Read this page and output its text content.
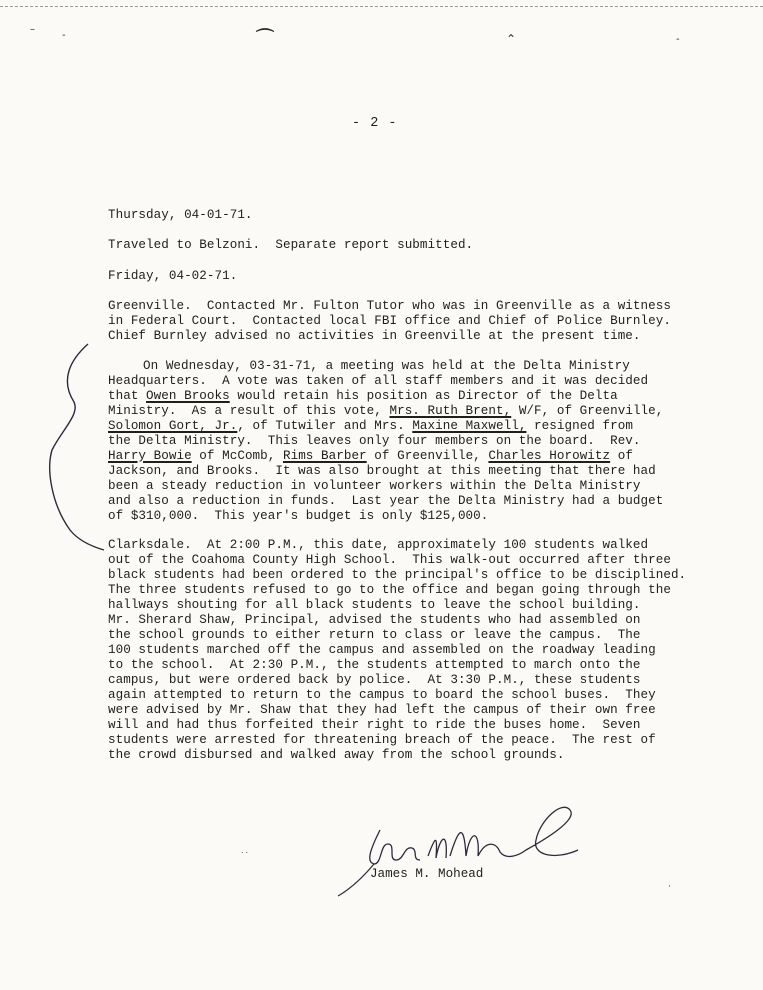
–
-	⌒	⌃	-
- 2 -
Thursday, 04-01-71.
Traveled to Belzoni.  Separate report submitted.
Friday, 04-02-71.
Greenville.  Contacted Mr. Fulton Tutor who was in Greenville as a witness
in Federal Court.  Contacted local FBI office and Chief of Police Burnley.
Chief Burnley advised no activities in Greenville at the present time.
On Wednesday, 03-31-71, a meeting was held at the Delta Ministry
Headquarters.  A vote was taken of all staff members and it was decided
that Owen Brooks would retain his position as Director of the Delta
Ministry.  As a result of this vote, Mrs. Ruth Brent, W/F, of Greenville,
Solomon Gort, Jr., of Tutwiler and Mrs. Maxine Maxwell, resigned from
the Delta Ministry.  This leaves only four members on the board.  Rev.
Harry Bowie of McComb, Rims Barber of Greenville, Charles Horowitz of
Jackson, and Brooks.  It was also brought at this meeting that there had
been a steady reduction in volunteer workers within the Delta Ministry
and also a reduction in funds.  Last year the Delta Ministry had a budget
of $310,000.  This year's budget is only $125,000.
Clarksdale.  At 2:00 P.M., this date, approximately 100 students walked
out of the Coahoma County High School.  This walk-out occurred after three
black students had been ordered to the principal's office to be disciplined.
The three students refused to go to the office and began going through the
hallways shouting for all black students to leave the school building.
Mr. Sherard Shaw, Principal, advised the students who had assembled on
the school grounds to either return to class or leave the campus.  The
100 students marched off the campus and assembled on the roadway leading
to the school.  At 2:30 P.M., the students attempted to march onto the
campus, but were ordered back by police.  At 3:30 P.M., these students
again attempted to return to the campus to board the school buses.  They
were advised by Mr. Shaw that they had left the campus of their own free
will and had thus forfeited their right to ride the buses home.  Seven
students were arrested for threatening breach of the peace.  The rest of
the crowd disbursed and walked away from the school grounds.
James M. Mohead
˙˙
·
